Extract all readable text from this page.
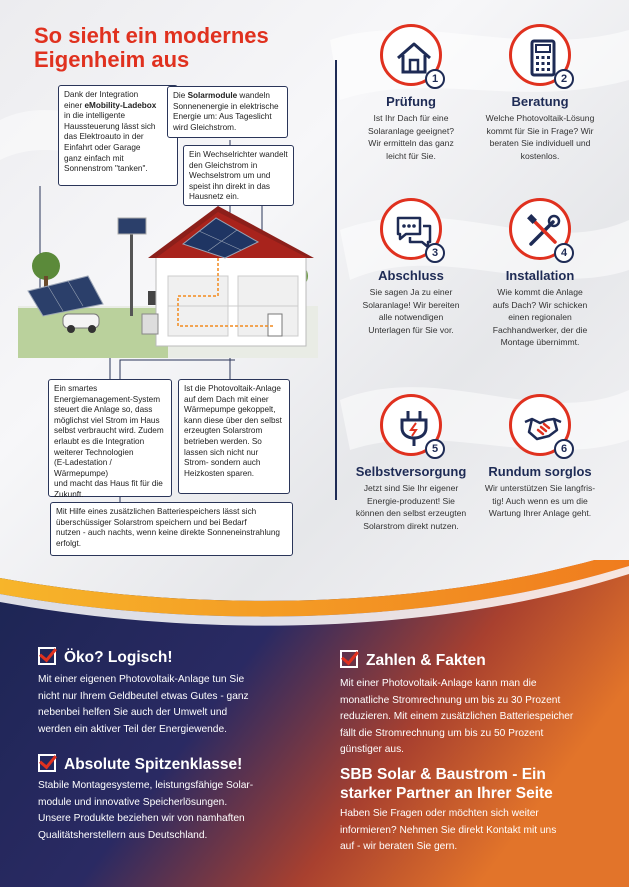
So sieht ein modernes
Eigenheim aus
Dank der Integration
einer eMobility-Ladebox
in die intelligente
Haussteuerung lässt sich
das Elektroauto in der
Einfahrt oder Garage
ganz einfach mit
Sonnenstrom "tanken".
Die Solarmodule wandeln
Sonnenenergie in elektrische
Energie um: Aus Tageslicht
wird Gleichstrom.
Ein Wechselrichter wandelt
den Gleichstrom in
Wechselstrom um und
speist ihn direkt in das
Hausnetz ein.
Ein smartes
Energiemanagement-System
steuert die Anlage so, dass
möglichst viel Strom im Haus
selbst verbraucht wird. Zudem
erlaubt es die Integration
weiterer Technologien
(E-Ladestation / Wärmepumpe)
und macht das Haus fit für die
Zukunft.
Ist die Photovoltaik-Anlage
auf dem Dach mit einer
Wärmepumpe gekoppelt,
kann diese über den selbst
erzeugten Solarstrom
betrieben werden. So
lassen sich nicht nur
Strom- sondern auch
Heizkosten sparen.
Mit Hilfe eines zusätzlichen Batteriespeichers lässt sich
überschüssiger Solarstrom speichern und bei Bedarf
nutzen - auch nachts, wenn keine direkte Sonneneinstrahlung
erfolgt.
1
Prüfung
Ist Ihr Dach für eine
Solaranlage geeignet?
Wir ermitteln das ganz
leicht für Sie.
2
Beratung
Welche Photovoltaik-Lösung
kommt für Sie in Frage? Wir
beraten Sie individuell und
kostenlos.
3
Abschluss
Sie sagen Ja zu einer
Solaranlage! Wir bereiten
alle notwendigen
Unterlagen für Sie vor.
4
Installation
Wie kommt die Anlage
aufs Dach? Wir schicken
einen regionalen
Fachhandwerker, der die
Montage übernimmt.
5
Selbstversorgung
Jetzt sind Sie Ihr eigener
Energie-produzent! Sie
können den selbst erzeugten
Solarstrom direkt nutzen.
6
Rundum sorglos
Wir unterstützen Sie langfris-
tig! Auch wenn es um die
Wartung Ihrer Anlage geht.
Öko? Logisch!
Mit einer eigenen Photovoltaik-Anlage tun Sie
nicht nur Ihrem Geldbeutel etwas Gutes - ganz
nebenbei helfen Sie auch der Umwelt und
werden ein aktiver Teil der Energiewende.
Absolute Spitzenklasse!
Stabile Montagesysteme, leistungsfähige Solar-
module und innovative Speicherlösungen.
Unsere Produkte beziehen wir von namhaften
Qualitätsherstellern aus Deutschland.
Zahlen & Fakten
Mit einer Photovoltaik-Anlage kann man die
monatliche Stromrechnung um bis zu 30 Prozent
reduzieren. Mit einem zusätzlichen Batteriespeicher
fällt die Stromrechnung um bis zu 50 Prozent
günstiger aus.
SBB Solar & Baustrom - Ein
starker Partner an Ihrer Seite
Haben Sie Fragen oder möchten sich weiter
informieren? Nehmen Sie direkt Kontakt mit uns
auf - wir beraten Sie gern.
